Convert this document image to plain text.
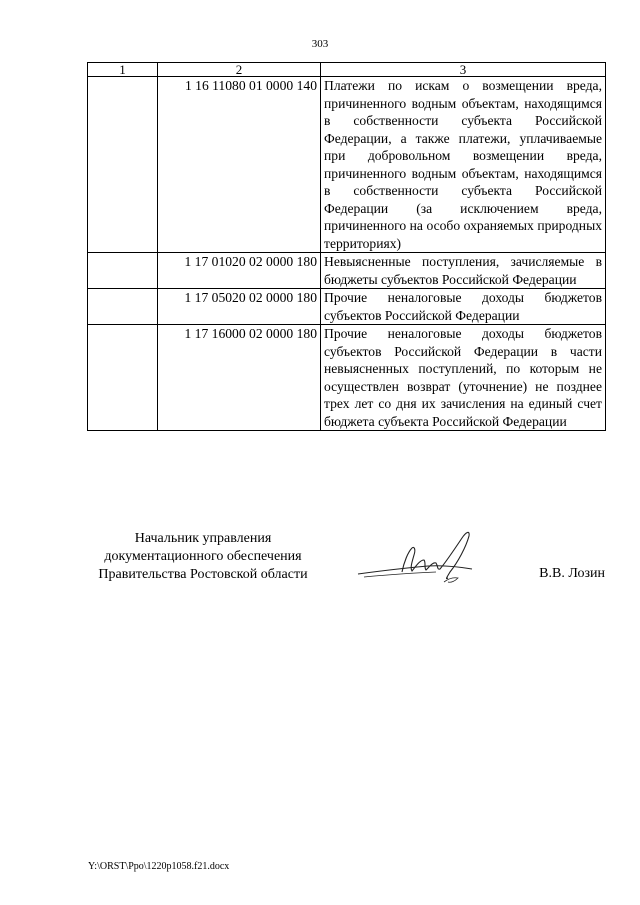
303
1	2	3
	1 16 11080 01 0000 140	Платежи по искам о возмещении вреда, причиненного водным объектам, находящимся в собственности субъекта Российской Федерации, а также платежи, уплачиваемые при добровольном возмещении вреда, причиненного водным объектам, находящимся в собственности субъекта Российской Федерации (за исключением вреда, причиненного на особо охраняемых природных территориях)
	1 17 01020 02 0000 180	Невыясненные поступления, зачисляемые в бюджеты субъектов Российской Федерации
	1 17 05020 02 0000 180	Прочие неналоговые доходы бюджетов субъектов Российской Федерации
	1 17 16000 02 0000 180	Прочие неналоговые доходы бюджетов субъектов Российской Федерации в части невыясненных поступлений, по которым не осуществлен возврат (уточнение) не позднее трех лет со дня их зачисления на единый счет бюджета субъекта Российской Федерации
Начальник управления
документационного обеспечения
Правительства Ростовской области	В.В. Лозин
Y:\ORST\Ppo\1220p1058.f21.docx
